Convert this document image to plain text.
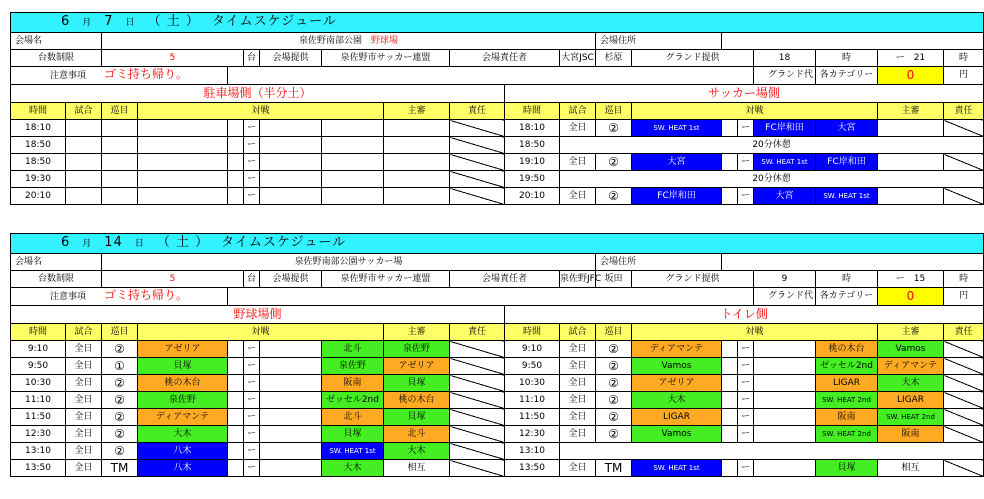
6 月 7 日 （ 土 ） タイムスケジュール																				
会場名		泉佐野南部公園　 野球場										会場住所								
台数制限		5			台	会場提供	泉佐野市サッカー連盟		会場責任者		大宮JSC	杉原	グランド提供			18	時	ー　 21	時	
注意事項　　 ゴミ持ち帰り。																グランド代	各カテゴリー	0	円	
駐車場側（半分土）										サッカー場側										
時間	試合	巡目	対戦					主審	責任	時間	試合	巡目	対戦					主審	責任	
18:10					ー					18:10	全日	②	SW. HEAT 1st		ー	FC岸和田	大宮			
18:50					ー					18:50	20分休憩									
18:50					ー					19:10	全日	②	大宮		ー	SW. HEAT 1st	FC岸和田			
19:30					ー					19:50	20分休憩									
20:10					ー					20:10	全日	②	FC岸和田		ー	大宮	SW. HEAT 1st			
6 月 14 日 （ 土 ） タイムスケジュール																				
会場名		泉佐野南部公園サッカー場										会場住所								
台数制限		5			台	会場提供	泉佐野市サッカー連盟		会場責任者		泉佐野JFC	坂田	グランド提供			9	時	ー　 15	時	
注意事項　　 ゴミ持ち帰り。																グランド代	各カテゴリー	0	円	
野球場側										トイレ側										
時間	試合	巡目	対戦					主審	責任	時間	試合	巡目	対戦					主審	責任	
9:10	全日	②	アゼリア		ー		北斗	泉佐野		9:10	全日	②	ディアマンテ		ー		桃の木台	Vamos		
9:50	全日	①	貝塚		ー		泉佐野	アゼリア		9:50	全日	②	Vamos		ー		ゼッセル2nd	ディアマンテ		
10:30	全日	②	桃の木台		ー		阪南	貝塚		10:30	全日	②	アゼリア		ー		LIGAR	大木		
11:10	全日	②	泉佐野		ー		ゼッセル2nd	桃の木台		11:10	全日	②	大木		ー		SW. HEAT 2nd	LIGAR		
11:50	全日	②	ディアマンテ		ー		北斗	貝塚		11:50	全日	②	LIGAR		ー		阪南	SW. HEAT 2nd		
12:30	全日	②	大木		ー		貝塚	北斗		12:30	全日	②	Vamos		ー		SW. HEAT 2nd	阪南		
13:10	全日	②	八木		ー		SW. HEAT 1st	大木		13:10										
13:50	全日	TM	八木		ー		大木	相互		13:50	全日	TM	SW. HEAT 1st		ー		貝塚	相互		
